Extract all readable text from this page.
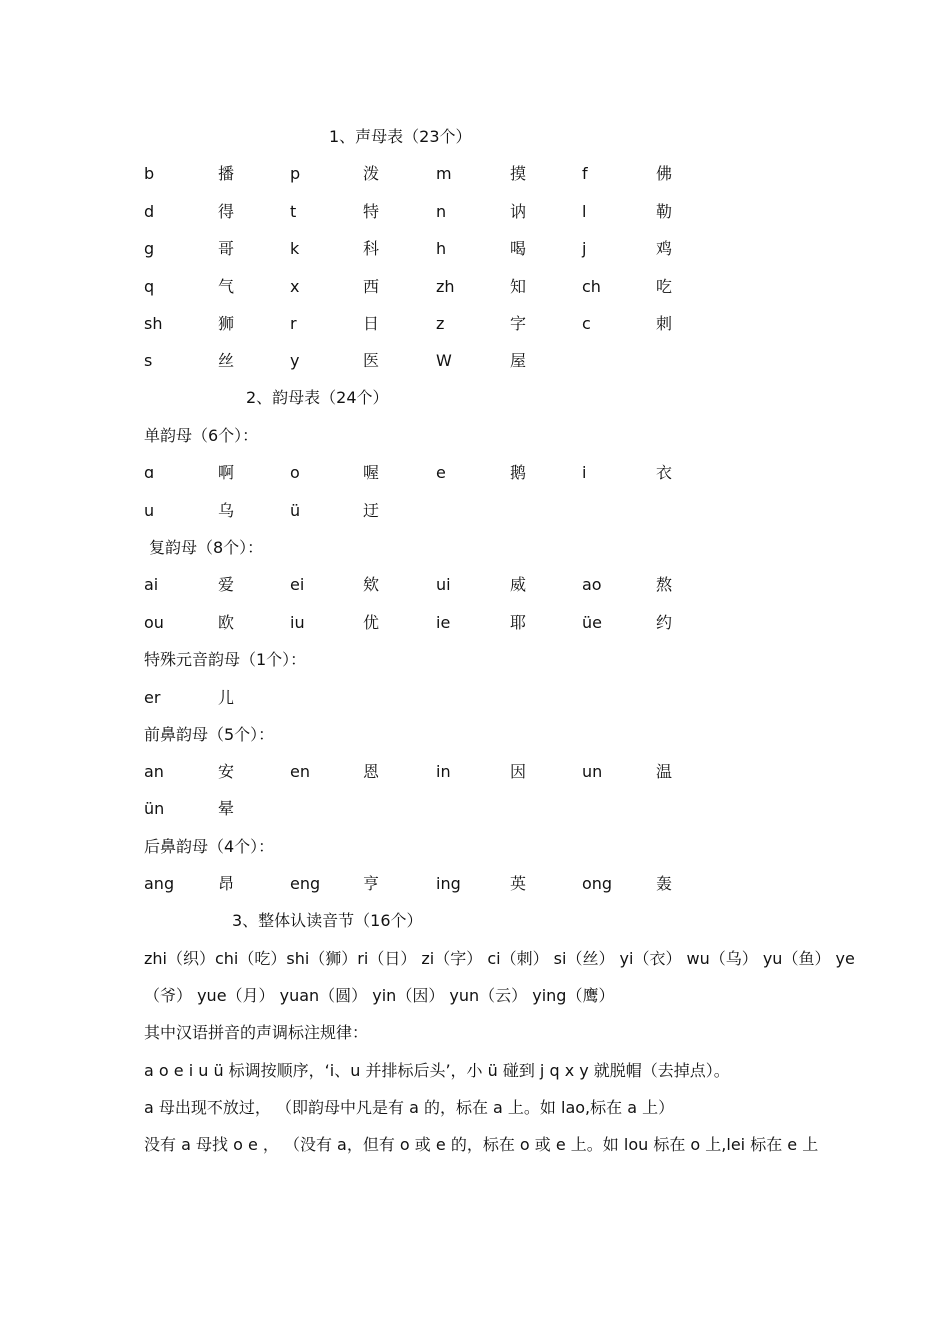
1、声母表（23个）
b	播	p	泼	m	摸	f	佛
d	得	t	特	n	讷	l	勒
g	哥	k	科	h	喝	j	鸡
q	气	x	西	zh	知	ch	吃
sh	狮	r	日	z	字	c	刺
s	丝	y	医	W	屋
2、韵母表（24个）
单韵母（6个）：
ɑ	啊	o	喔	e	鹅	i	衣
u	乌	ü	迂
复韵母（8个）：
ai	爱	ei	欸	ui	威	ao	熬
ou	欧	iu	优	ie	耶	üe	约
特殊元音韵母（1个）：
er	儿
前鼻韵母（5个）：
an	安	en	恩	in	因	un	温
ün	晕
后鼻韵母（4个）：
ang	昂	eng	亨	ing	英	ong	轰
3、整体认读音节（16个）
zhi（织）chi（吃）shi（狮）ri（日） zi（字） ci（刺） si（丝） yi（衣） wu（乌） yu（鱼） ye
（爷） yue（月） yuan（圆） yin（因） yun（云） ying（鹰）
其中汉语拼音的声调标注规律：
a o e i u ü 标调按顺序，‘i、u 并排标后头’，小 ü 碰到 j q x y 就脱帽（去掉点）。
a 母出现不放过， （即韵母中凡是有 a 的，标在 a 上。如 lao,标在 a 上）
没有 a 母找 o e ， （没有 a，但有 o 或 e 的，标在 o 或 e 上。如 lou 标在 o 上,lei 标在 e 上
